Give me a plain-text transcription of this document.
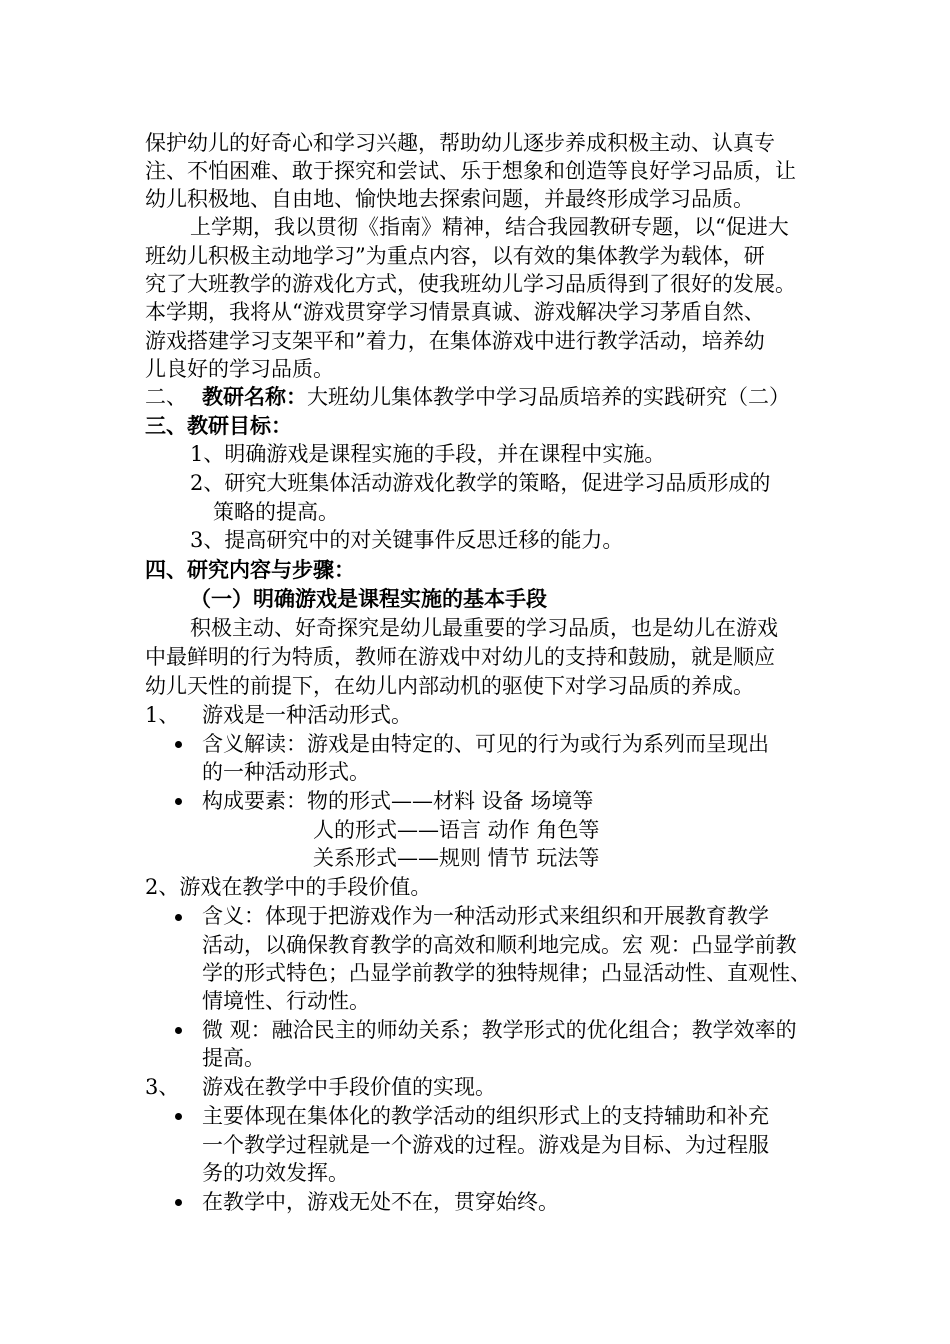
保护幼儿的好奇心和学习兴趣，帮助幼儿逐步养成积极主动、认真专
注、不怕困难、敢于探究和尝试、乐于想象和创造等良好学习品质，让
幼儿积极地、自由地、愉快地去探索问题，并最终形成学习品质。
上学期，我以贯彻《指南》精神，结合我园教研专题，以“促进大
班幼儿积极主动地学习”为重点内容，以有效的集体教学为载体，研
究了大班教学的游戏化方式，使我班幼儿学习品质得到了很好的发展。
本学期，我将从“游戏贯穿学习情景真诚、游戏解决学习茅盾自然、
游戏搭建学习支架平和”着力，在集体游戏中进行教学活动，培养幼
儿良好的学习品质。
二、 教研名称：大班幼儿集体教学中学习品质培养的实践研究（二）
三、教研目标：
1、明确游戏是课程实施的手段，并在课程中实施。
2、研究大班集体活动游戏化教学的策略，促进学习品质形成的
策略的提高。
3、提高研究中的对关键事件反思迁移的能力。
四、研究内容与步骤：
（一）明确游戏是课程实施的基本手段
积极主动、好奇探究是幼儿最重要的学习品质，也是幼儿在游戏
中最鲜明的行为特质，教师在游戏中对幼儿的支持和鼓励，就是顺应
幼儿天性的前提下，在幼儿内部动机的驱使下对学习品质的养成。
1、 游戏是一种活动形式。
含义解读：游戏是由特定的、可见的行为或行为系列而呈现出
的一种活动形式。
构成要素：物的形式——材料 设备 场境等
人的形式——语言 动作 角色等
关系形式——规则 情节 玩法等
2、游戏在教学中的手段价值。
含义：体现于把游戏作为一种活动形式来组织和开展教育教学
活动，以确保教育教学的高效和顺利地完成。宏 观：凸显学前教
学的形式特色；凸显学前教学的独特规律；凸显活动性、直观性、
情境性、行动性。
微 观：融洽民主的师幼关系；教学形式的优化组合；教学效率的
提高。
3、 游戏在教学中手段价值的实现。
主要体现在集体化的教学活动的组织形式上的支持辅助和补充
一个教学过程就是一个游戏的过程。游戏是为目标、为过程服
务的功效发挥。
在教学中，游戏无处不在，贯穿始终。
